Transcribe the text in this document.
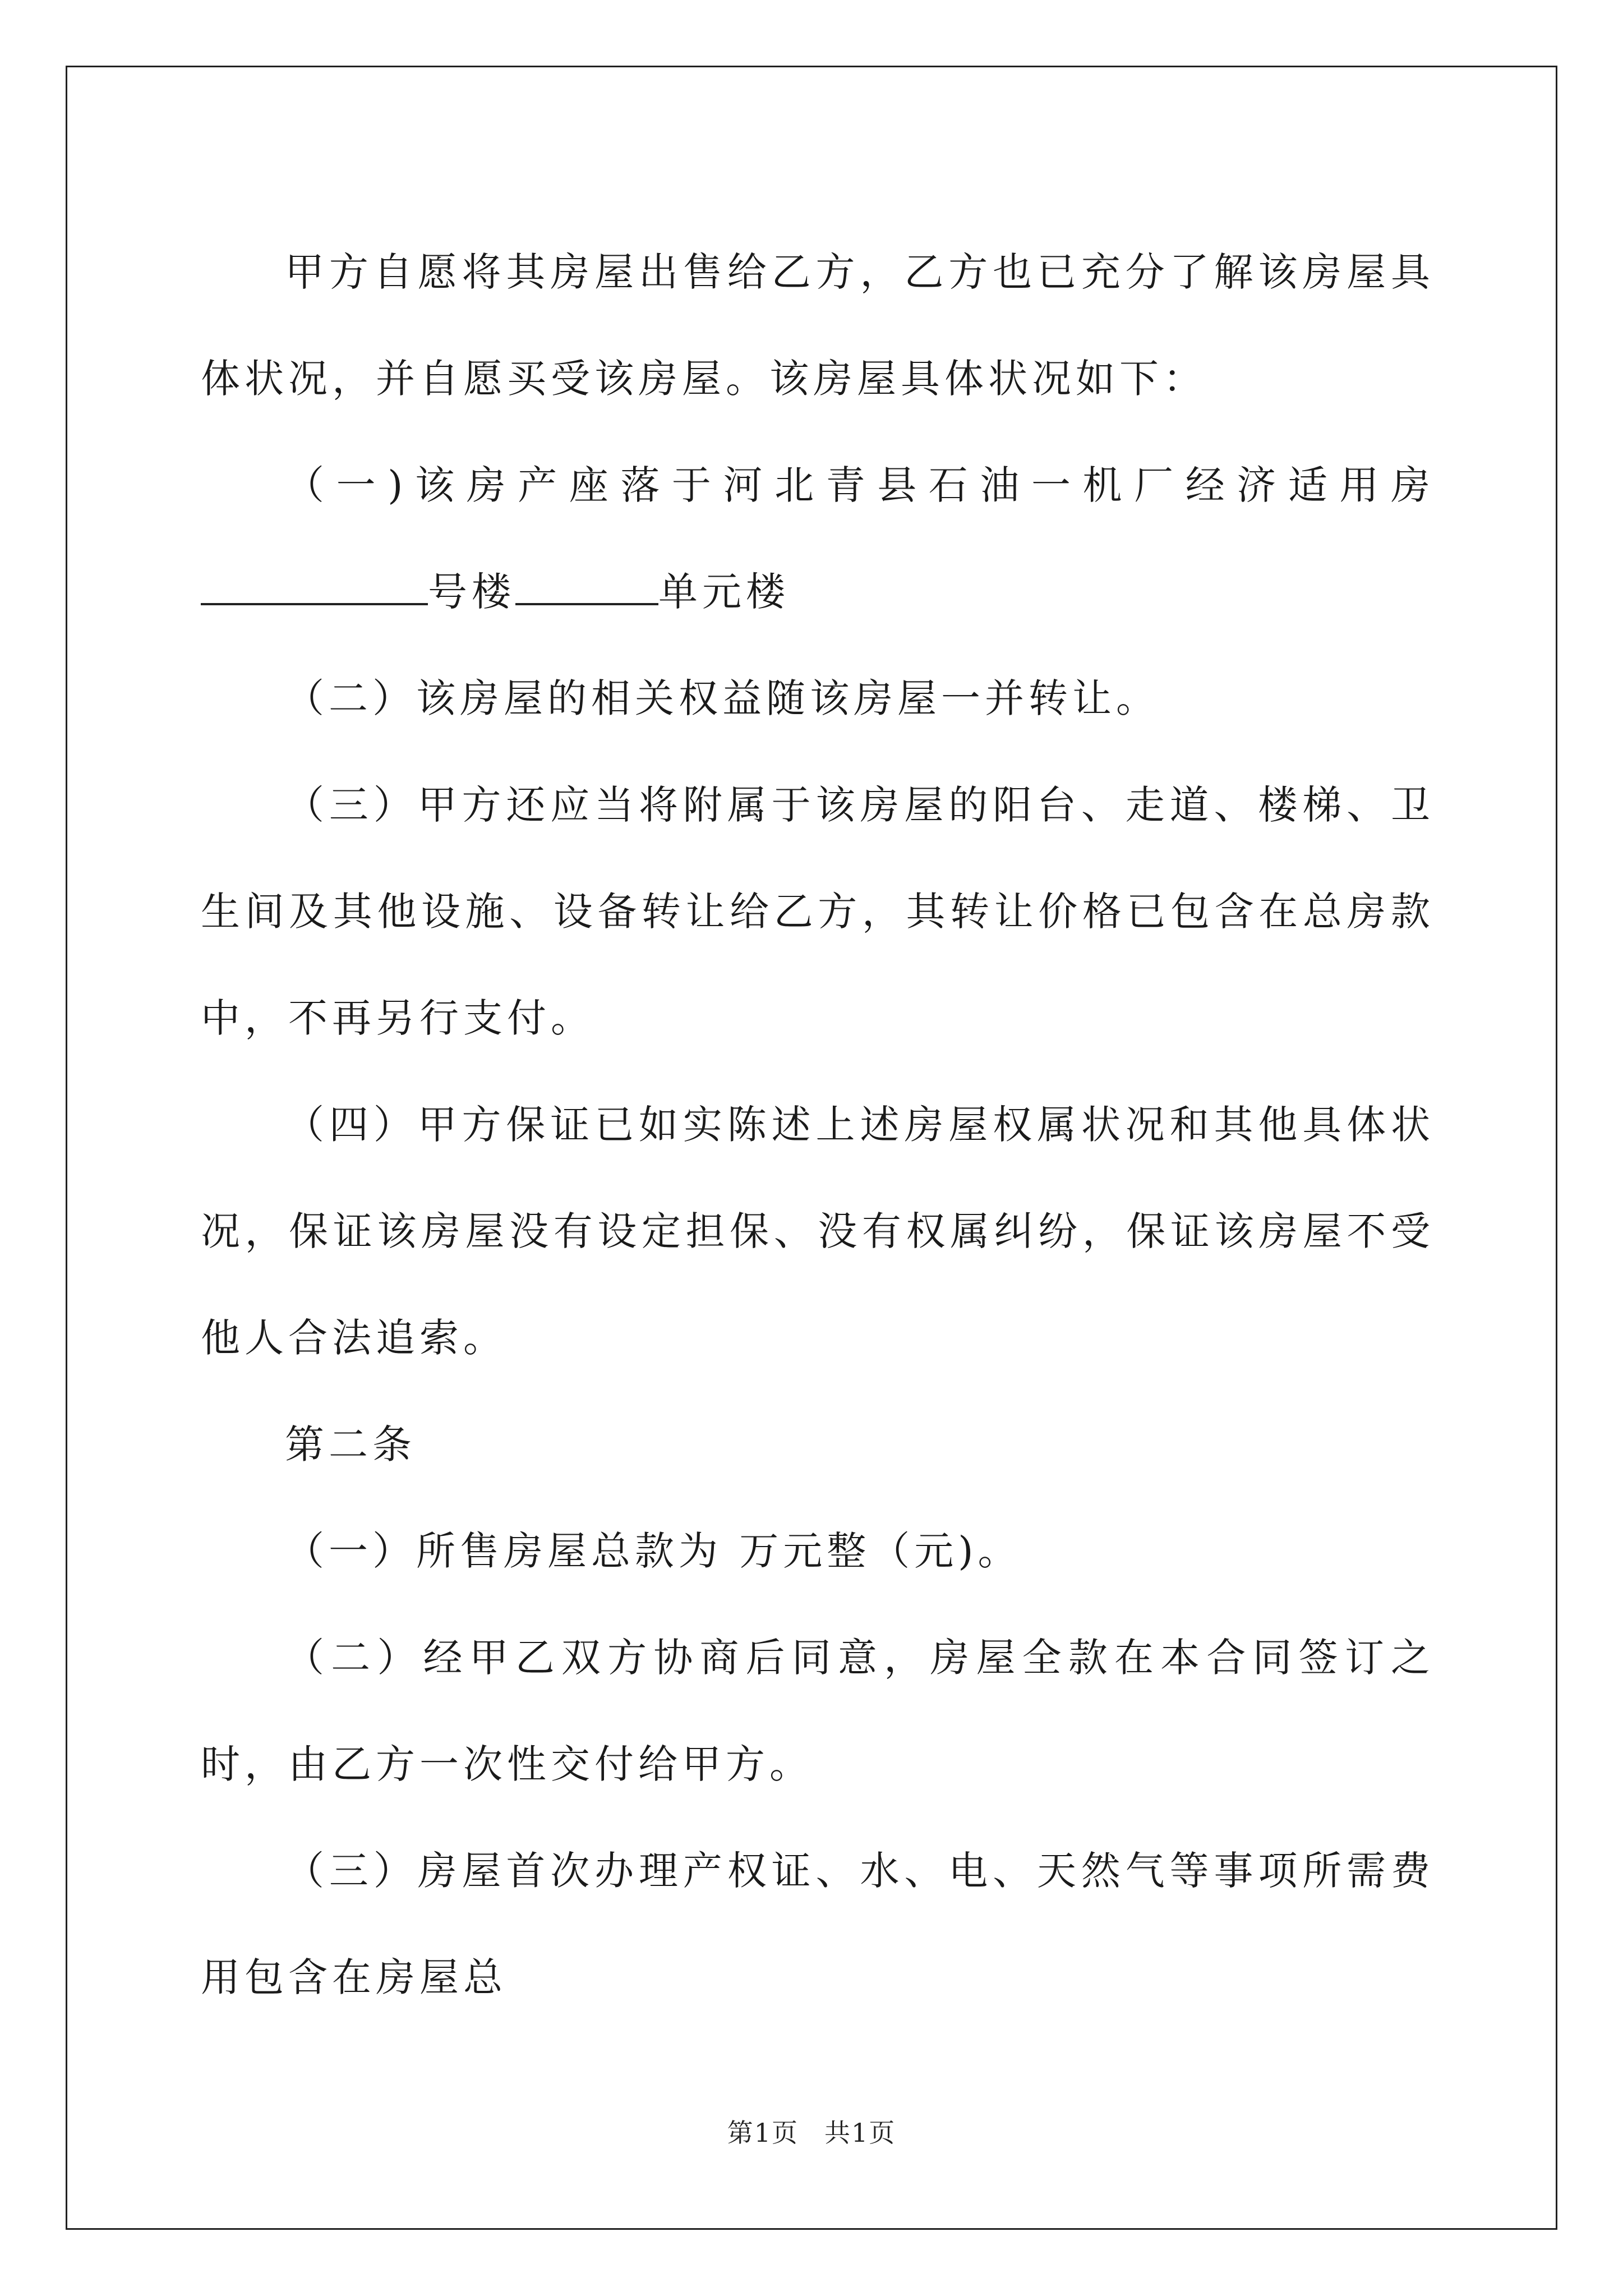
甲方自愿将其房屋出售给乙方，乙方也已充分了解该房屋具体状况，并自愿买受该房屋。该房屋具体状况如下：

（一)该房产座落于河北青县石油一机厂经济适用房号楼	单元楼

（二）该房屋的相关权益随该房屋一并转让。

（三）甲方还应当将附属于该房屋的阳台、走道、楼梯、卫生间及其他设施、设备转让给乙方，其转让价格已包含在总房款中，不再另行支付。

（四）甲方保证已如实陈述上述房屋权属状况和其他具体状况，保证该房屋没有设定担保、没有权属纠纷，保证该房屋不受他人合法追索。

第二条

（一）所售房屋总款为 万元整（元)。

（二）经甲乙双方协商后同意，房屋全款在本合同签订之时，由乙方一次性交付给甲方。

（三）房屋首次办理产权证、水、电、天然气等事项所需费用包含在房屋总

第1页 共1页
